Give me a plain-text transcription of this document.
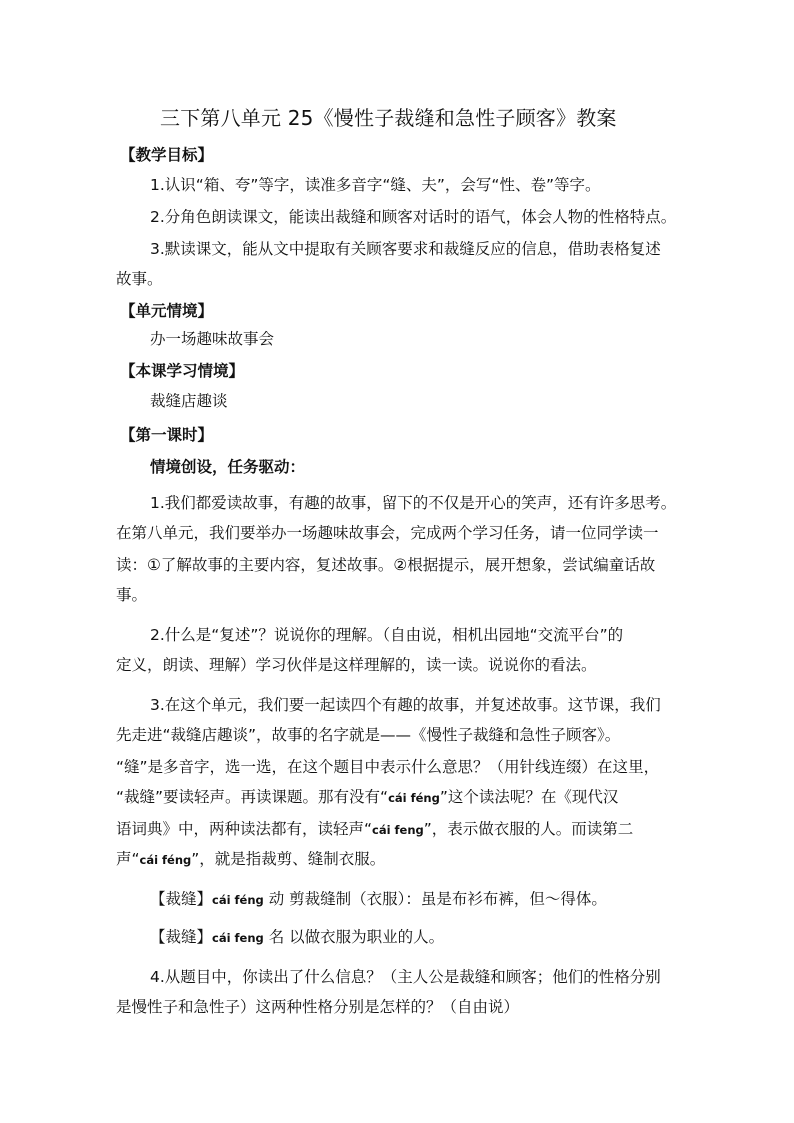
三下第八单元 25《慢性子裁缝和急性子顾客》教案
【教学目标】
1.认识“箱、夸”等字，读准多音字“缝、夫”，会写“性、卷”等字。
2.分角色朗读课文，能读出裁缝和顾客对话时的语气，体会人物的性格特点。
3.默读课文，能从文中提取有关顾客要求和裁缝反应的信息，借助表格复述
故事。
【单元情境】
办一场趣味故事会
【本课学习情境】
裁缝店趣谈
【第一课时】
情境创设，任务驱动：
1.我们都爱读故事，有趣的故事，留下的不仅是开心的笑声，还有许多思考。
在第八单元，我们要举办一场趣味故事会，完成两个学习任务，请一位同学读一
读：①了解故事的主要内容，复述故事。②根据提示，展开想象，尝试编童话故
事。
2.什么是“复述”？说说你的理解。（自由说，相机出园地“交流平台”的
定义，朗读、理解）学习伙伴是这样理解的，读一读。说说你的看法。
3.在这个单元，我们要一起读四个有趣的故事，并复述故事。这节课，我们
先走进“裁缝店趣谈”，故事的名字就是——《慢性子裁缝和急性子顾客》。
“缝”是多音字，选一选，在这个题目中表示什么意思？（用针线连缀）在这里，
“裁缝”要读轻声。再读课题。那有没有“cái féng”这个读法呢？在《现代汉
语词典》中，两种读法都有，读轻声“cái feng”，表示做衣服的人。而读第二
声“cái féng”，就是指裁剪、缝制衣服。
【裁缝】cái féng 动 剪裁缝制（衣服）：虽是布衫布裤，但～得体。
【裁缝】cái feng 名 以做衣服为职业的人。
4.从题目中，你读出了什么信息？（主人公是裁缝和顾客；他们的性格分别
是慢性子和急性子）这两种性格分别是怎样的？（自由说）
